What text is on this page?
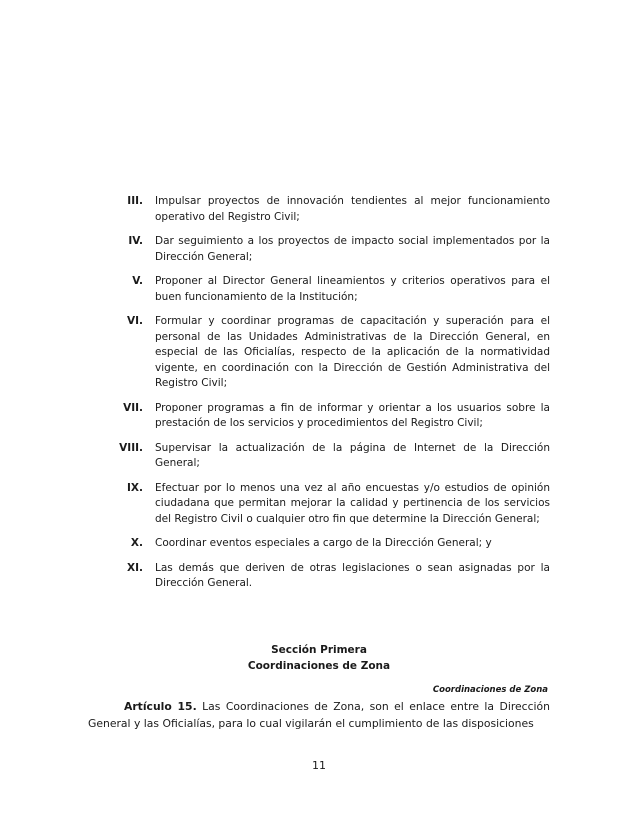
III.	Impulsar proyectos de innovación tendientes al mejor funcionamiento operativo del Registro Civil;
IV.	Dar seguimiento a los proyectos de impacto social implementados por la Dirección General;
V.	Proponer al Director General lineamientos y criterios operativos para el buen funcionamiento de la Institución;
VI.	Formular y coordinar programas de capacitación y superación para el personal de las Unidades Administrativas de la Dirección General, en especial de las Oficialías, respecto de la aplicación de la normatividad vigente, en coordinación con la Dirección de Gestión Administrativa del Registro Civil;
VII.	Proponer programas a fin de informar y orientar a los usuarios sobre la prestación de los servicios y procedimientos del Registro Civil;
VIII.	Supervisar la actualización de la página de Internet de la Dirección General;
IX.	Efectuar por lo menos una vez al año encuestas y/o estudios de opinión ciudadana que permitan mejorar la calidad y pertinencia de los servicios del Registro Civil o cualquier otro fin que determine la Dirección General;
X.	Coordinar eventos especiales a cargo de la Dirección General; y
XI.	Las demás que deriven de otras legislaciones o sean asignadas por la Dirección General.
Sección Primera
Coordinaciones de Zona
Coordinaciones de Zona
Artículo 15. Las Coordinaciones de Zona, son el enlace entre la Dirección General y las Oficialías, para lo cual vigilarán el cumplimiento de las disposiciones
11
